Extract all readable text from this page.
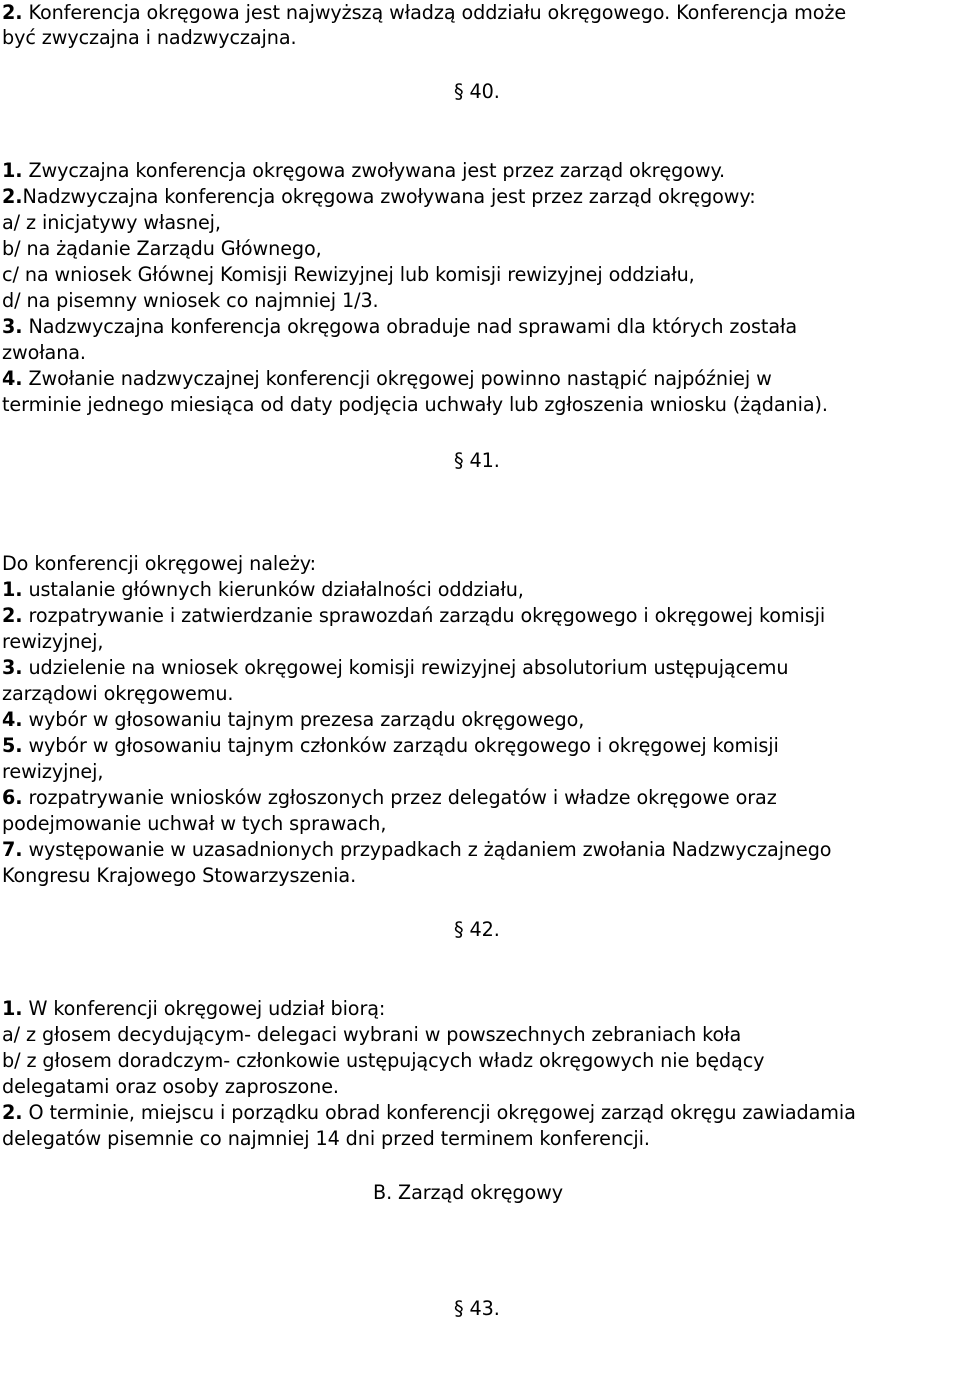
2. Konferencja okręgowa jest najwyższą władzą oddziału okręgowego. Konferencja może
być zwyczajna i nadzwyczajna.
§ 40.
1. Zwyczajna konferencja okręgowa zwoływana jest przez zarząd okręgowy.
2.Nadzwyczajna konferencja okręgowa zwoływana jest przez zarząd okręgowy:
a/ z inicjatywy własnej,
b/ na żądanie Zarządu Głównego,
c/ na wniosek Głównej Komisji Rewizyjnej lub komisji rewizyjnej oddziału,
d/ na pisemny wniosek co najmniej 1/3.
3. Nadzwyczajna konferencja okręgowa obraduje nad sprawami dla których została
zwołana.
4. Zwołanie nadzwyczajnej konferencji okręgowej powinno nastąpić najpóźniej w
terminie jednego miesiąca od daty podjęcia uchwały lub zgłoszenia wniosku (żądania).
§ 41.
Do konferencji okręgowej należy:
1. ustalanie głównych kierunków działalności oddziału,
2. rozpatrywanie i zatwierdzanie sprawozdań zarządu okręgowego i okręgowej komisji
rewizyjnej,
3. udzielenie na wniosek okręgowej komisji rewizyjnej absolutorium ustępującemu
zarządowi okręgowemu.
4. wybór w głosowaniu tajnym prezesa zarządu okręgowego,
5. wybór w głosowaniu tajnym członków zarządu okręgowego i okręgowej komisji
rewizyjnej,
6. rozpatrywanie wniosków zgłoszonych przez delegatów i władze okręgowe oraz
podejmowanie uchwał w tych sprawach,
7. występowanie w uzasadnionych przypadkach z żądaniem zwołania Nadzwyczajnego
Kongresu Krajowego Stowarzyszenia.
§ 42.
1. W konferencji okręgowej udział biorą:
a/ z głosem decydującym- delegaci wybrani w powszechnych zebraniach koła
b/ z głosem doradczym- członkowie ustępujących władz okręgowych nie będący
delegatami oraz osoby zaproszone.
2. O terminie, miejscu i porządku obrad konferencji okręgowej zarząd okręgu zawiadamia
delegatów pisemnie co najmniej 14 dni przed terminem konferencji.
B. Zarząd okręgowy
§ 43.
